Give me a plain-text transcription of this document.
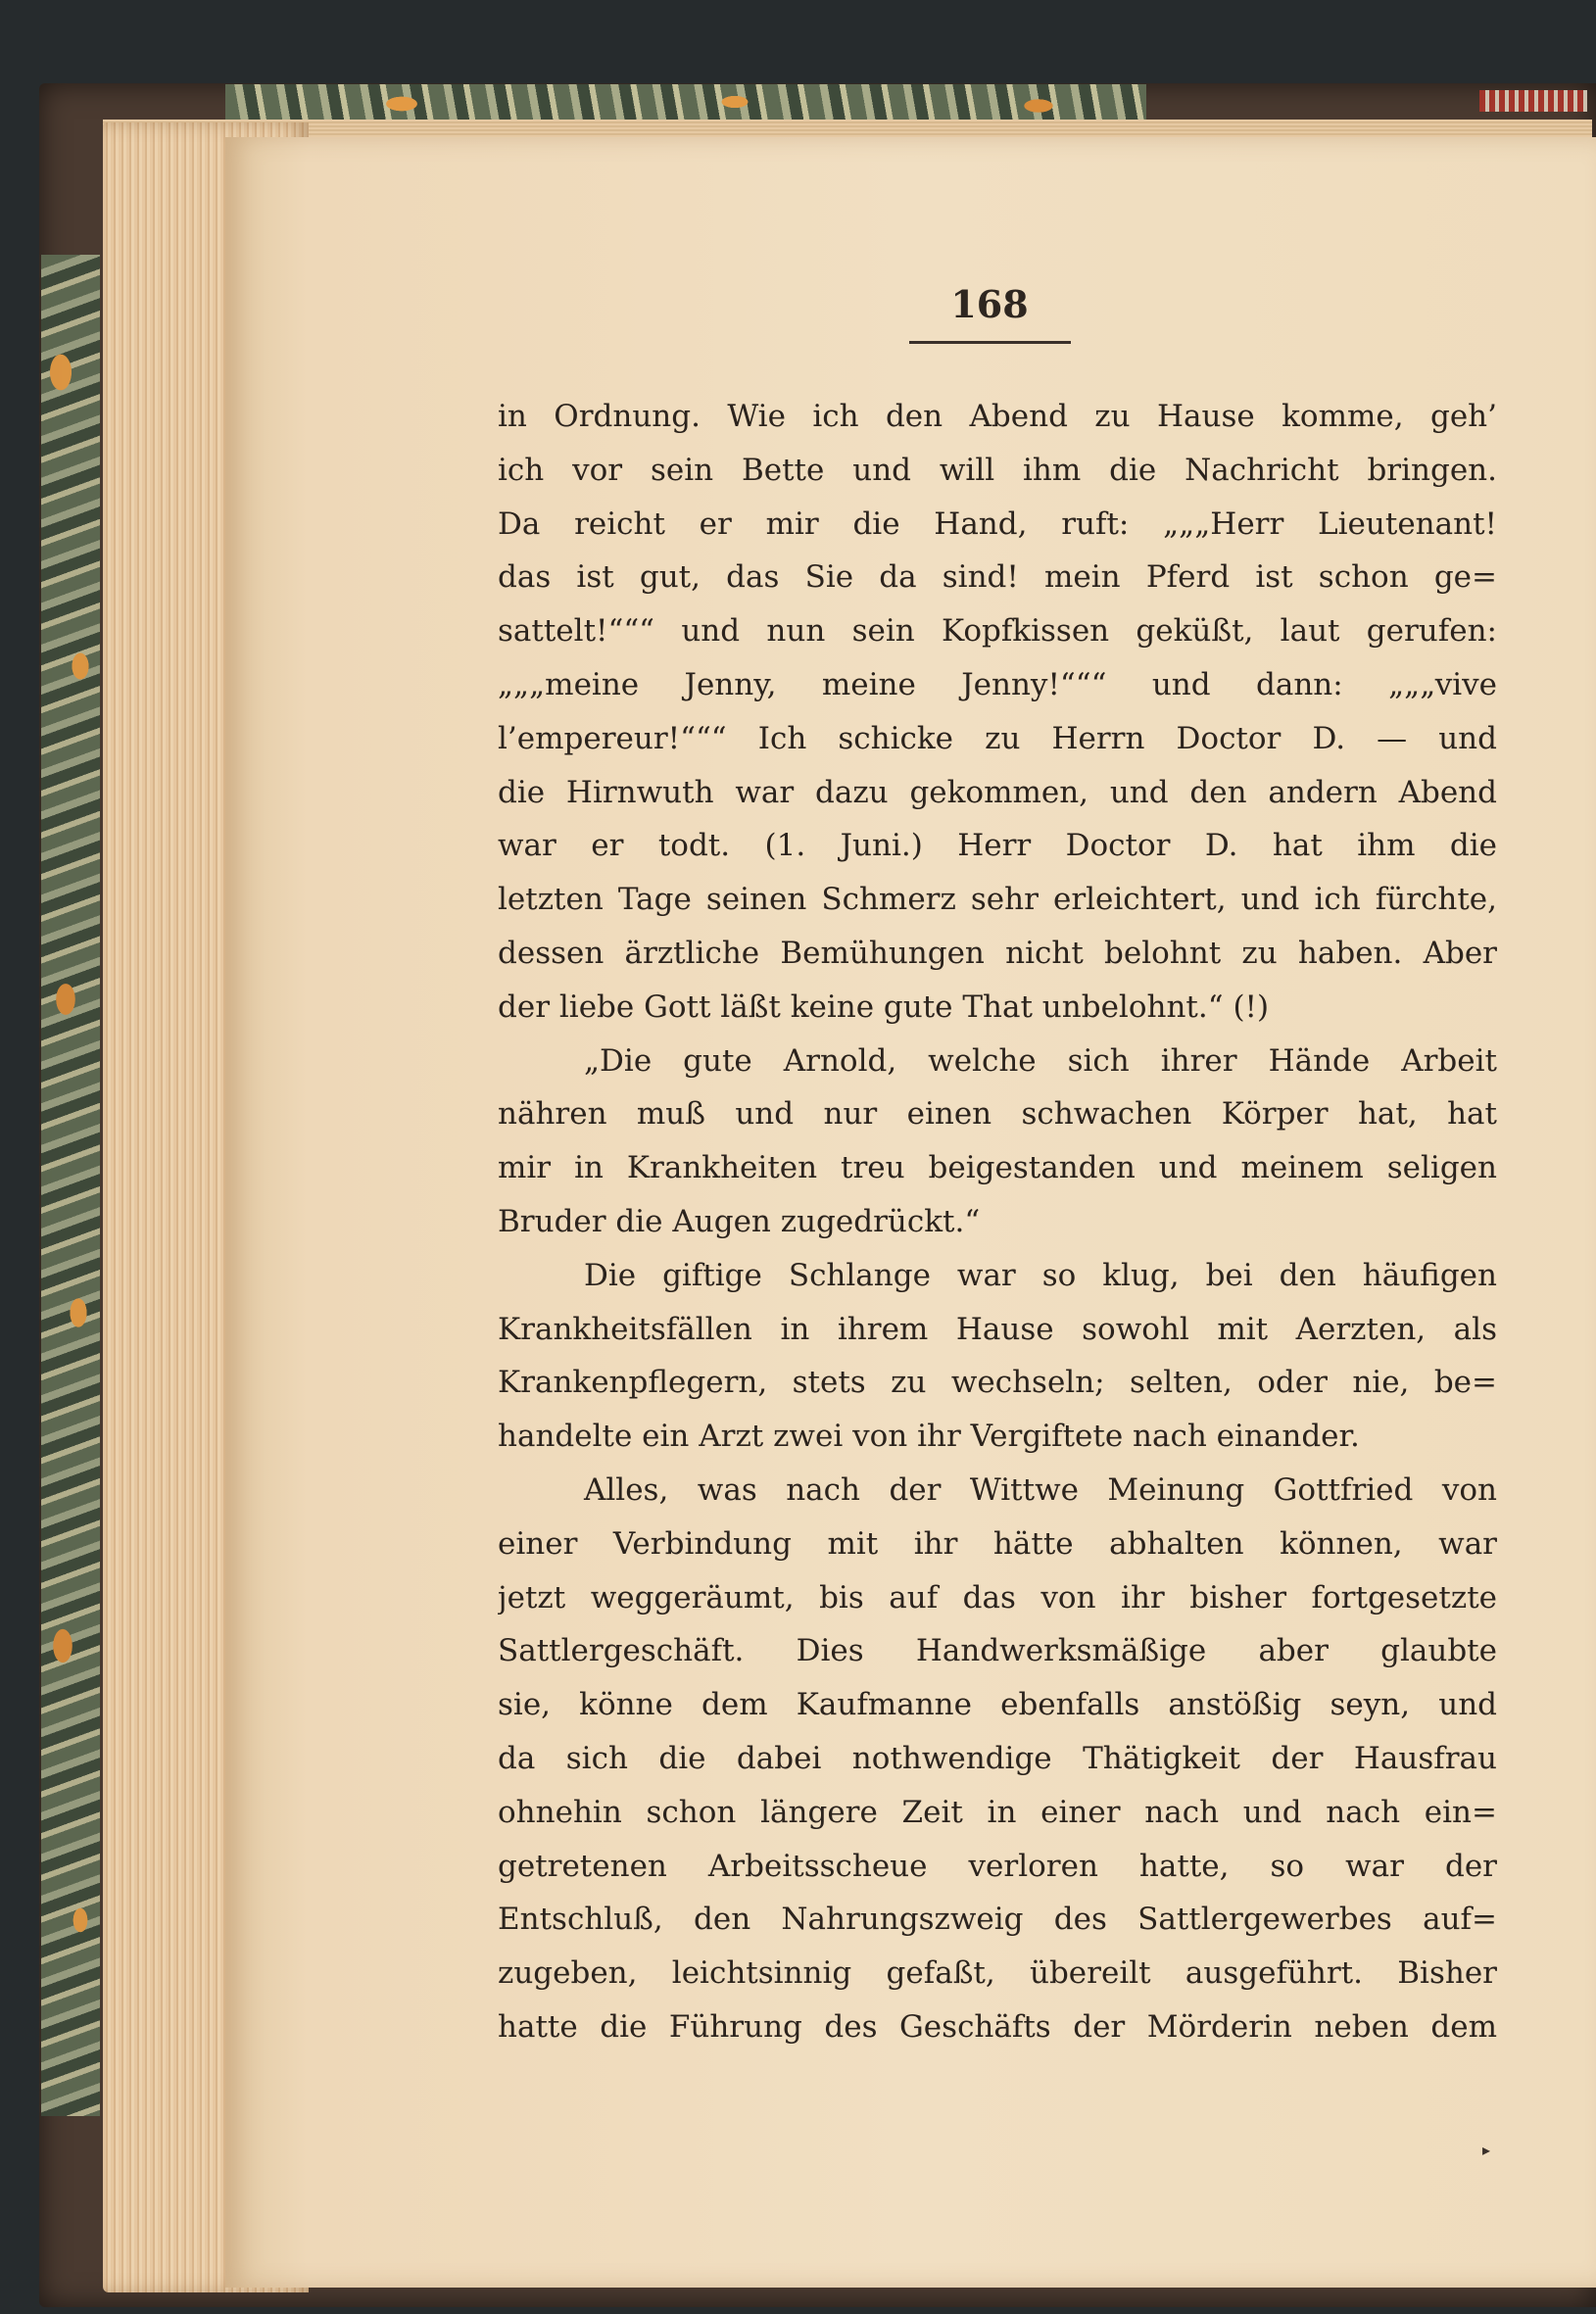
168
in Ordnung. Wie ich den Abend zu Hause komme, geh’
ich vor sein Bette und will ihm die Nachricht bringen.
Da reicht er mir die Hand, ruft: „„„Herr Lieutenant!
das ist gut, das Sie da sind! mein Pferd ist schon ge=
sattelt!“““ und nun sein Kopfkissen geküßt, laut gerufen:
„„„meine Jenny, meine Jenny!“““ und dann: „„„vive
l’empereur!“““ Ich schicke zu Herrn Doctor D. — und
die Hirnwuth war dazu gekommen, und den andern Abend
war er todt. (1. Juni.) Herr Doctor D. hat ihm die
letzten Tage seinen Schmerz sehr erleichtert, und ich fürchte,
dessen ärztliche Bemühungen nicht belohnt zu haben. Aber
der liebe Gott läßt keine gute That unbelohnt.“ (!)
„Die gute Arnold, welche sich ihrer Hände Arbeit
nähren muß und nur einen schwachen Körper hat, hat
mir in Krankheiten treu beigestanden und meinem seligen
Bruder die Augen zugedrückt.“
Die giftige Schlange war so klug, bei den häufigen
Krankheitsfällen in ihrem Hause sowohl mit Aerzten, als
Krankenpflegern, stets zu wechseln; selten, oder nie, be=
handelte ein Arzt zwei von ihr Vergiftete nach einander.
Alles, was nach der Wittwe Meinung Gottfried von
einer Verbindung mit ihr hätte abhalten können, war
jetzt weggeräumt, bis auf das von ihr bisher fortgesetzte
Sattlergeschäft. Dies Handwerksmäßige aber glaubte
sie, könne dem Kaufmanne ebenfalls anstößig seyn, und
da sich die dabei nothwendige Thätigkeit der Hausfrau
ohnehin schon längere Zeit in einer nach und nach ein=
getretenen Arbeitsscheue verloren hatte, so war der
Entschluß, den Nahrungszweig des Sattlergewerbes auf=
zugeben, leichtsinnig gefaßt, übereilt ausgeführt. Bisher
hatte die Führung des Geschäfts der Mörderin neben dem
▸
